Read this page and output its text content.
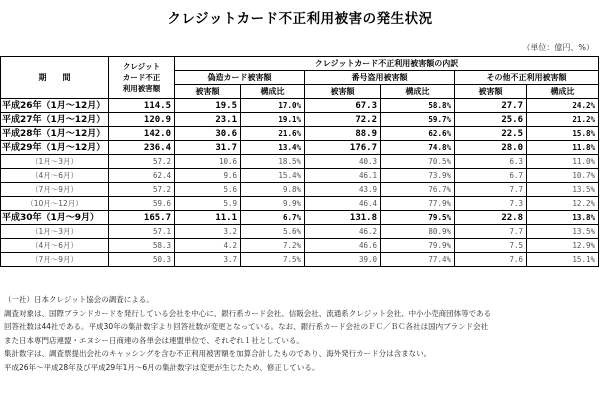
クレジットカード不正利用被害の発生状況
（単位：億円、%）
期　　間	クレジット
カード不正
利用被害額	クレジットカード不正利用被害額の内訳					
		偽造カード被害額		番号盗用被害額		その他不正利用被害額	
		被害額	構成比	被害額	構成比	被害額	構成比
平成26年（1月～12月）	114.5	19.5	17.0%	67.3	58.8%	27.7	24.2%
平成27年（1月～12月）	120.9	23.1	19.1%	72.2	59.7%	25.6	21.2%
平成28年（1月～12月）	142.0	30.6	21.6%	88.9	62.6%	22.5	15.8%
平成29年（1月～12月）	236.4	31.7	13.4%	176.7	74.8%	28.0	11.8%
（1月～3月）	57.2	10.6	18.5%	40.3	70.5%	6.3	11.0%
（4月～6月）	62.4	9.6	15.4%	46.1	73.9%	6.7	10.7%
（7月～9月）	57.2	5.6	9.8%	43.9	76.7%	7.7	13.5%
（10月～12月）	59.6	5.9	9.9%	46.4	77.9%	7.3	12.2%
平成30年（1月～9月）	165.7	11.1	6.7%	131.8	79.5%	22.8	13.8%
（1月～3月）	57.1	3.2	5.6%	46.2	80.9%	7.7	13.5%
（4月～6月）	58.3	4.2	7.2%	46.6	79.9%	7.5	12.9%
（7月～9月）	50.3	3.7	7.5%	39.0	77.4%	7.6	15.1%
（一社）日本クレジット協会の調査による。
調査対象は、国際ブランドカードを発行している会社を中心に、銀行系カード会社、信販会社、流通系クレジット会社、中小小売商団体等である
回答社数は44社である。平成30年の集計数字より回答社数が変更となっている。なお、銀行系カード会社のＦＣ／ＢＣ各社は国内ブランド会社
また日本専門店連盟・エヌシー日商連の各単会は連盟単位で、それぞれ１社としている。
集計数字は、調査票提出会社のキャッシングを含む不正利用被害額を加算合計したものであり、海外発行カード分は含まない。
平成26年～平成28年及び平成29年1月～6月の集計数字は変更が生じたため、修正している。
